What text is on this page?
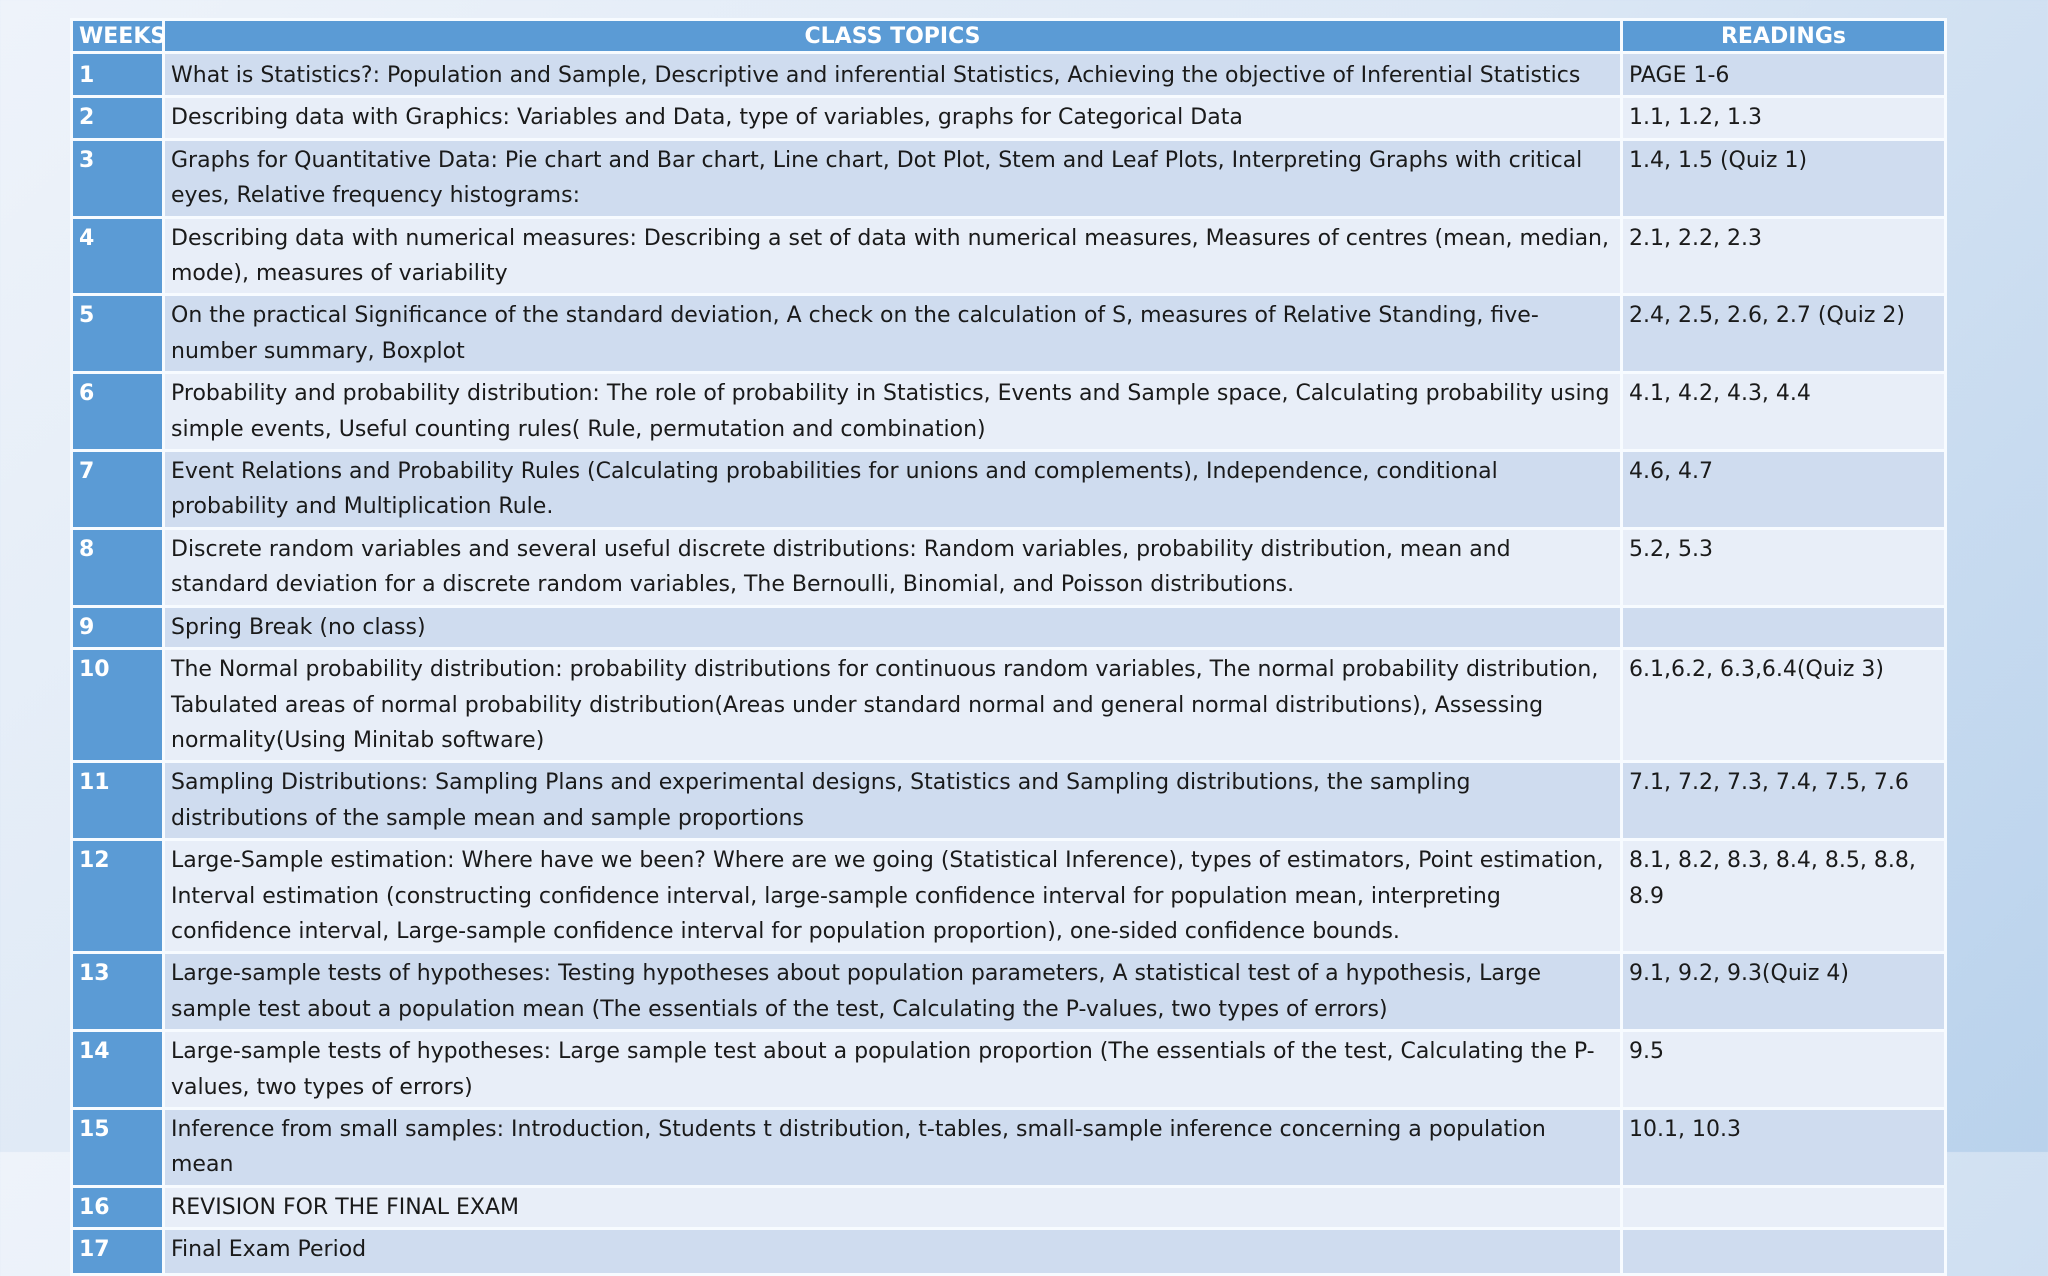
WEEKS	CLASS TOPICS	READINGs
1	What is Statistics?: Population and Sample, Descriptive and inferential Statistics, Achieving the objective of Inferential Statistics	PAGE 1-6
2	Describing data with Graphics: Variables and Data, type of variables, graphs for Categorical Data	1.1, 1.2, 1.3
3	Graphs for Quantitative Data: Pie chart and Bar chart, Line chart, Dot Plot, Stem and Leaf Plots, Interpreting Graphs with critical eyes, Relative frequency histograms:	1.4, 1.5 (Quiz 1)
4	Describing data with numerical measures: Describing a set of data with numerical measures, Measures of centres (mean, median, mode), measures of variability	2.1, 2.2, 2.3
5	On the practical Significance of the standard deviation, A check on the calculation of S, measures of Relative Standing, five-number summary, Boxplot	2.4, 2.5, 2.6, 2.7 (Quiz 2)
6	Probability and probability distribution: The role of probability in Statistics, Events and Sample space, Calculating probability using simple events, Useful counting rules( Rule, permutation and combination)	4.1, 4.2, 4.3, 4.4
7	Event Relations and Probability Rules (Calculating probabilities for unions and complements), Independence, conditional probability and Multiplication Rule.	4.6, 4.7
8	Discrete random variables and several useful discrete distributions: Random variables, probability distribution, mean and standard deviation for a discrete random variables, The Bernoulli, Binomial, and Poisson distributions.	5.2, 5.3
9	Spring Break (no class)	
10	The Normal probability distribution: probability distributions for continuous random variables, The normal probability distribution, Tabulated areas of normal probability distribution(Areas under standard normal and general normal distributions), Assessing normality(Using Minitab software)	6.1,6.2, 6.3,6.4(Quiz 3)
11	Sampling Distributions: Sampling Plans and experimental designs, Statistics and Sampling distributions, the sampling distributions of the sample mean and sample proportions	7.1, 7.2, 7.3, 7.4, 7.5, 7.6
12	Large-Sample estimation: Where have we been? Where are we going (Statistical Inference), types of estimators, Point estimation, Interval estimation (constructing confidence interval, large-sample confidence interval for population mean, interpreting confidence interval, Large-sample confidence interval for population proportion), one-sided confidence bounds.	8.1, 8.2, 8.3, 8.4, 8.5, 8.8, 8.9
13	Large-sample tests of hypotheses: Testing hypotheses about population parameters, A statistical test of a hypothesis, Large sample test about a population mean (The essentials of the test, Calculating the P-values, two types of errors)	9.1, 9.2, 9.3(Quiz 4)
14	Large-sample tests of hypotheses: Large sample test about a population proportion (The essentials of the test, Calculating the P-values, two types of errors)	9.5
15	Inference from small samples: Introduction, Students t distribution, t-tables, small-sample inference concerning a population mean	10.1, 10.3
16	REVISION FOR THE FINAL EXAM	
17	Final Exam Period	
